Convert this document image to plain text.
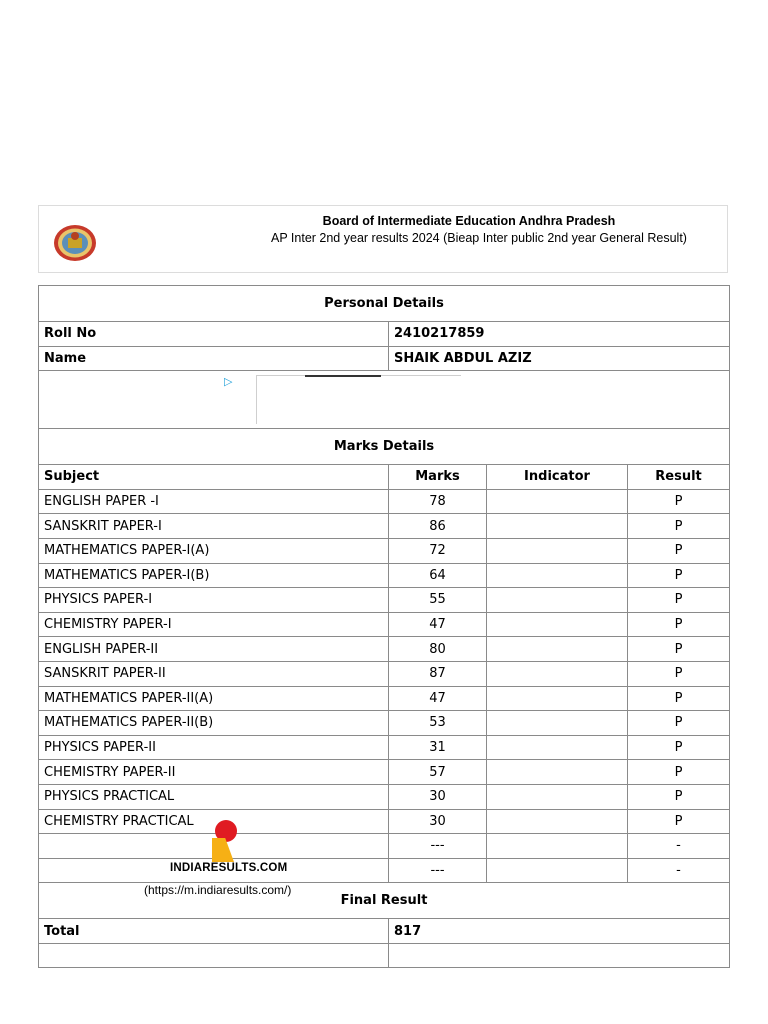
Board of Intermediate Education Andhra Pradesh
AP Inter 2nd year results 2024 (Bieap Inter public 2nd year General Result)
Personal Details			
Roll No	2410217859		
Name	SHAIK ABDUL AZIZ		

▷			

Marks Details			
Subject	Marks	Indicator	Result
ENGLISH PAPER -I	78		P
SANSKRIT PAPER-I	86		P
MATHEMATICS PAPER-I(A)	72		P
MATHEMATICS PAPER-I(B)	64		P
PHYSICS PAPER-I	55		P
CHEMISTRY PAPER-I	47		P
ENGLISH PAPER-II	80		P
SANSKRIT PAPER-II	87		P
MATHEMATICS PAPER-II(A)	47		P
MATHEMATICS PAPER-II(B)	53		P
PHYSICS PAPER-II	31		P
CHEMISTRY PAPER-II	57		P
PHYSICS PRACTICAL	30		P
CHEMISTRY PRACTICAL	30		P
	---		-
	---		-
Final Result			
Total	817		

INDIARESULTS.COM
(https://m.indiaresults.com/)
